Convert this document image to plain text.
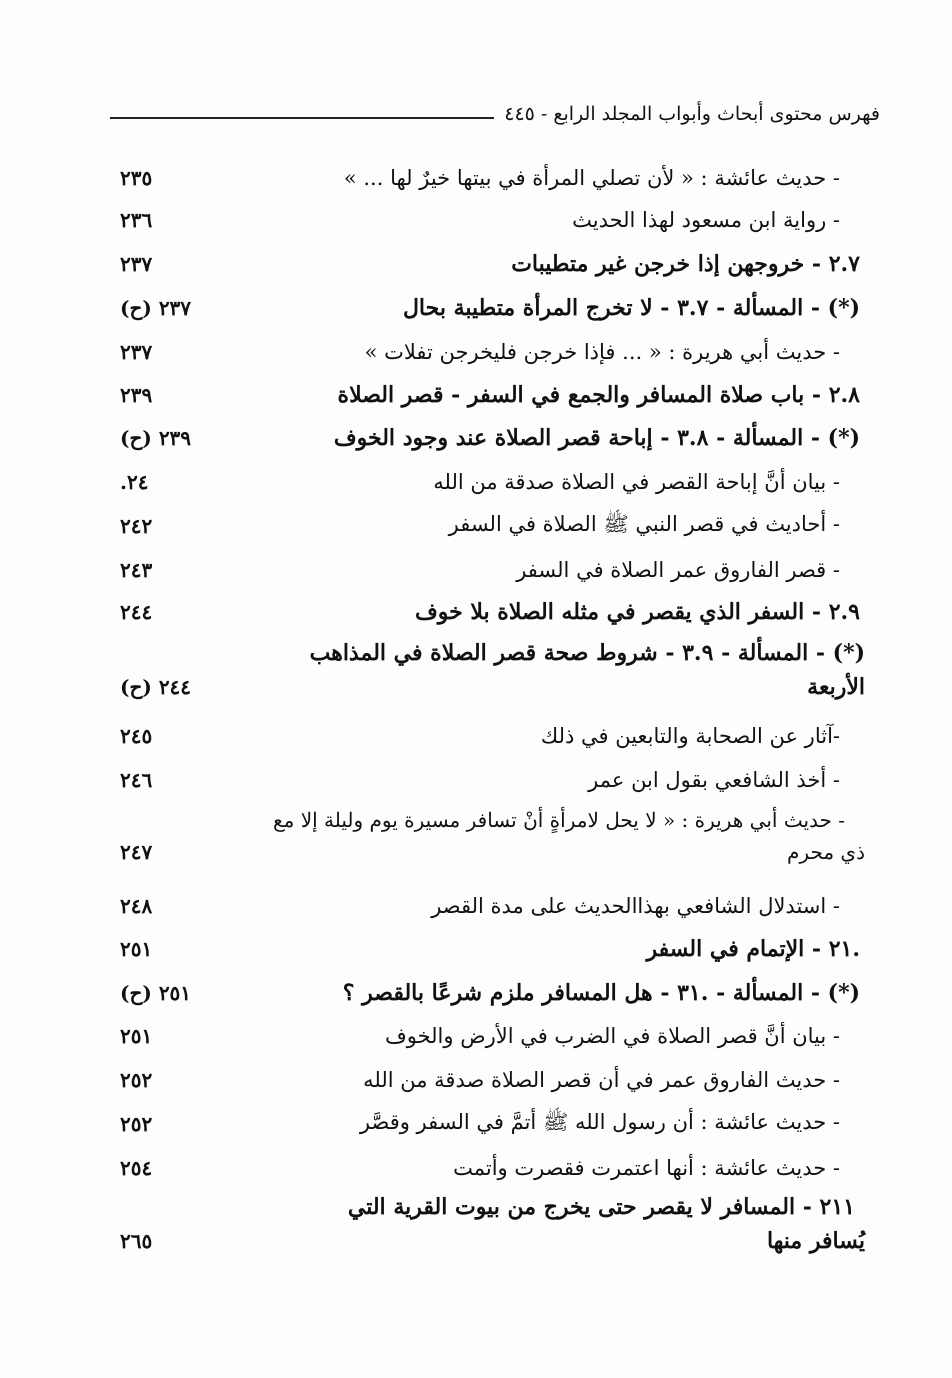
فهرس محتوى أبحاث وأبواب المجلد الرابع - ٤٤٥
- حديث عائشة : « لأن تصلي المرأة في بيتها خيرٌ لها ... »
٢٣٥
- رواية ابن مسعود لهذا الحديث
٢٣٦
٢.٧ - خروجهن إذا خرجن غير متطيبات
٢٣٧
(*) - المسألة - ٣.٧ - لا تخرج المرأة متطيبة بحال
٢٣٧ (ح)
- حديث أبي هريرة : « ... فإذا خرجن فليخرجن تفلات »
٢٣٧
٢.٨ - باب صلاة المسافر والجمع في السفر - قصر الصلاة
٢٣٩
(*) - المسألة - ٣.٨ - إباحة قصر الصلاة عند وجود الخوف
٢٣٩ (ح)
- بيان أنَّ إباحة القصر في الصلاة صدقة من الله
٢٤.
- أحاديث في قصر النبي ﷺ الصلاة في السفر
٢٤٢
- قصر الفاروق عمر الصلاة في السفر
٢٤٣
٢.٩ - السفر الذي يقصر في مثله الصلاة بلا خوف
٢٤٤
(*) - المسألة - ٣.٩ - شروط صحة قصر الصلاة في المذاهب
الأربعة
٢٤٤ (ح)
-آثار عن الصحابة والتابعين في ذلك
٢٤٥
- أخذ الشافعي بقول ابن عمر
٢٤٦
- حديث أبي هريرة : « لا يحل لامرأةٍ أنْ تسافر مسيرة يوم وليلة إلا مع
ذي محرم
٢٤٧
- استدلال الشافعي بهذاالحديث على مدة القصر
٢٤٨
.٢١ - الإتمام في السفر
٢٥١
(*) - المسألة - .٣١ - هل المسافر ملزم شرعًا بالقصر ؟
٢٥١ (ح)
- بيان أنَّ قصر الصلاة في الضرب في الأرض والخوف
٢٥١
- حديث الفاروق عمر في أن قصر الصلاة صدقة من الله
٢٥٢
- حديث عائشة : أن رسول الله ﷺ أتمَّ في السفر وقصَّر
٢٥٢
- حديث عائشة : أنها اعتمرت فقصرت وأتمت
٢٥٤
٢١١ - المسافر لا يقصر حتى يخرج من بيوت القرية التي
يُسافر منها
٢٦٥
